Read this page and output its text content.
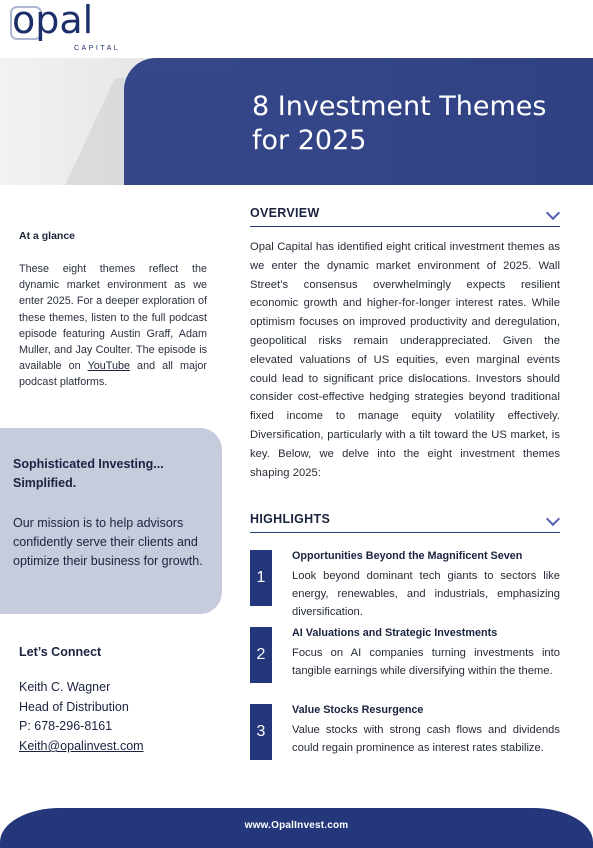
opal
CAPITAL
8 Investment Themes
for 2025
At a glance
These eight themes reflect the dynamic market environment as we enter 2025. For a deeper exploration of these themes, listen to the full podcast episode featuring Austin Graff, Adam Muller, and Jay Coulter. The episode is available on YouTube and all major podcast platforms.
Sophisticated Investing...
Simplified.
Our mission is to help advisors confidently serve their clients and optimize their business for growth.
Let’s Connect
Keith C. Wagner
Head of Distribution
P: 678-296-8161
Keith@opalinvest.com
OVERVIEW
Opal Capital has identified eight critical investment themes as we enter the dynamic market environment of 2025. Wall Street’s consensus overwhelmingly expects resilient economic growth and higher-for-longer interest rates. While optimism focuses on improved productivity and deregulation, geopolitical risks remain underappreciated. Given the elevated valuations of US equities, even marginal events could lead to significant price dislocations. Investors should consider cost-effective hedging strategies beyond traditional fixed income to manage equity volatility effectively. Diversification, particularly with a tilt toward the US market, is key. Below, we delve into the eight investment themes shaping 2025:
HIGHLIGHTS
1
Opportunities Beyond the Magnificent Seven
Look beyond dominant tech giants to sectors like energy, renewables, and industrials, emphasizing diversification.
2
AI Valuations and Strategic Investments
Focus on AI companies turning investments into tangible earnings while diversifying within the theme.
3
Value Stocks Resurgence
Value stocks with strong cash flows and dividends could regain prominence as interest rates stabilize.
www.OpalInvest.com
